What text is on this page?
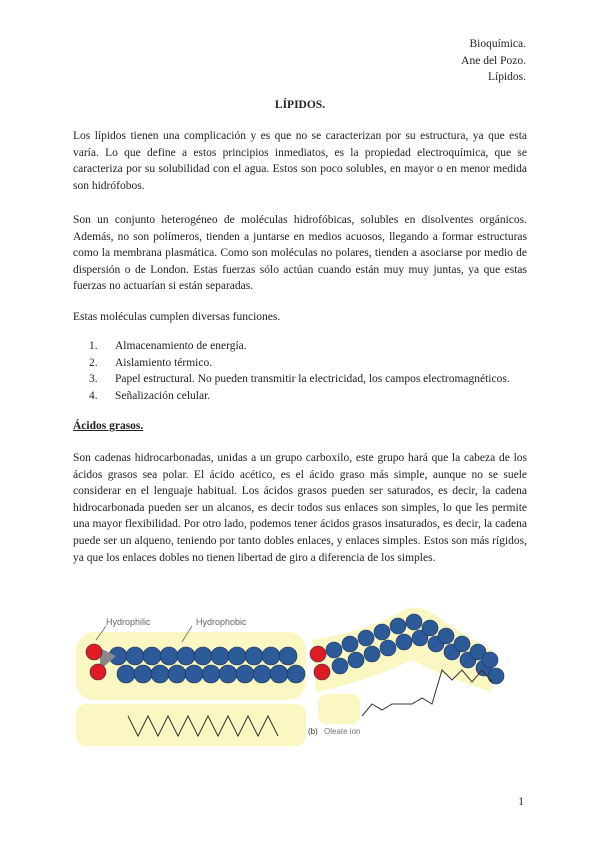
Bioquímica.
Ane del Pozo.
Lípidos.
LÍPIDOS.

Los lípidos tienen una complicación y es que no se caracterizan por su estructura, ya que esta varía. Lo que define a estos principios inmediatos, es la propiedad electroquímica, que se caracteriza por su solubilidad con el agua. Estos son poco solubles, en mayor o en menor medida son hidrófobos.

Son un conjunto heterogéneo de moléculas hidrofóbicas, solubles en disolventes orgánicos. Además, no son polímeros, tienden a juntarse en medios acuosos, llegando a formar estructuras como la membrana plasmática. Como son moléculas no polares, tienden a asociarse por medio de dispersión o de London. Estas fuerzas sólo actúan cuando están muy muy juntas, ya que estas fuerzas no actuarían si están separadas.

Estas moléculas cumplen diversas funciones.

1.	Almacenamiento de energía.
2.	Aislamiento térmico.
3.	Papel estructural. No pueden transmitir la electricidad, los campos electromagnéticos.
4.	Señalización celular.
Ácidos grasos.

Son cadenas hidrocarbonadas, unidas a un grupo carboxilo, este grupo hará que la cabeza de los ácidos grasos sea polar. El ácido acético, es el ácido graso más simple, aunque no se suele considerar en el lenguaje habitual. Los ácidos grasos pueden ser saturados, es decir, la cadena hidrocarbonada pueden ser un alcanos, es decir todos sus enlaces son simples, lo que les permite una mayor flexibilidad. Por otro lado, podemos tener ácidos grasos insaturados, es decir, la cadena puede ser un alqueno, teniendo por tanto dobles enlaces, y enlaces simples. Estos son más rígidos, ya que los enlaces dobles no tienen libertad de giro a diferencia de los simples.

Hydrophilic	Hydrophobic
(b) Oleate ion
1
